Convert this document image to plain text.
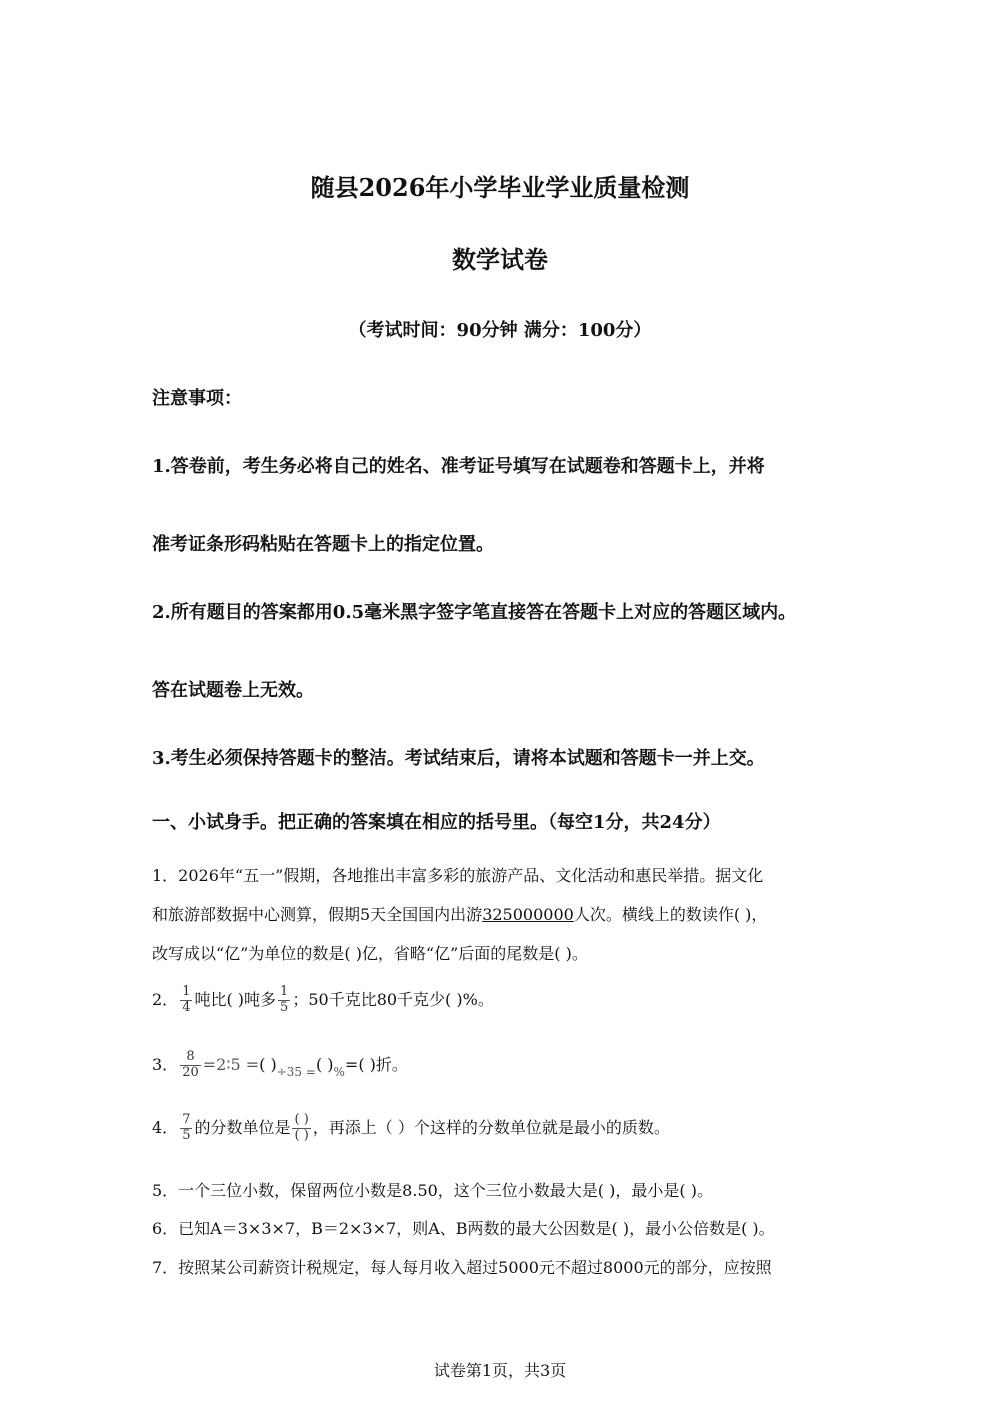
随县2026年小学毕业学业质量检测
数学试卷
（考试时间：90分钟 满分：100分）
注意事项：
1.答卷前，考生务必将自己的姓名、准考证号填写在试题卷和答题卡上，并将
准考证条形码粘贴在答题卡上的指定位置。
2.所有题目的答案都用0.5毫米黑字签字笔直接答在答题卡上对应的答题区域内。
答在试题卷上无效。
3.考生必须保持答题卡的整洁。考试结束后，请将本试题和答题卡一并上交。
一、小试身手。把正确的答案填在相应的括号里。（每空1分，共24分）
1．2026年“五一”假期，各地推出丰富多彩的旅游产品、文化活动和惠民举措。据文化
和旅游部数据中心测算，假期5天全国国内出游325000000人次。横线上的数读作( )，
改写成以“亿”为单位的数是( )亿，省略“亿”后面的尾数是( )。
2． $\frac{1}{4}$ 吨比( )吨多 $\frac{1}{5}$ ；50千克比80千克少( )%。
3． $\frac{8}{20}$ =2∶5 =( )$_{\div 35 =}$( )$_{\%}=$( )折。
4． $\frac{7}{5}$ 的分数单位是 $\frac{( )}{( )}$ ，再添上（ ）个这样的分数单位就是最小的质数。
5．一个三位小数，保留两位小数是8.50，这个三位小数最大是( )，最小是( )。
6．已知A＝3×3×7，B＝2×3×7，则A、B两数的最大公因数是( )，最小公倍数是( )。
7．按照某公司薪资计税规定，每人每月收入超过5000元不超过8000元的部分，应按照
试卷第1页，共3页
